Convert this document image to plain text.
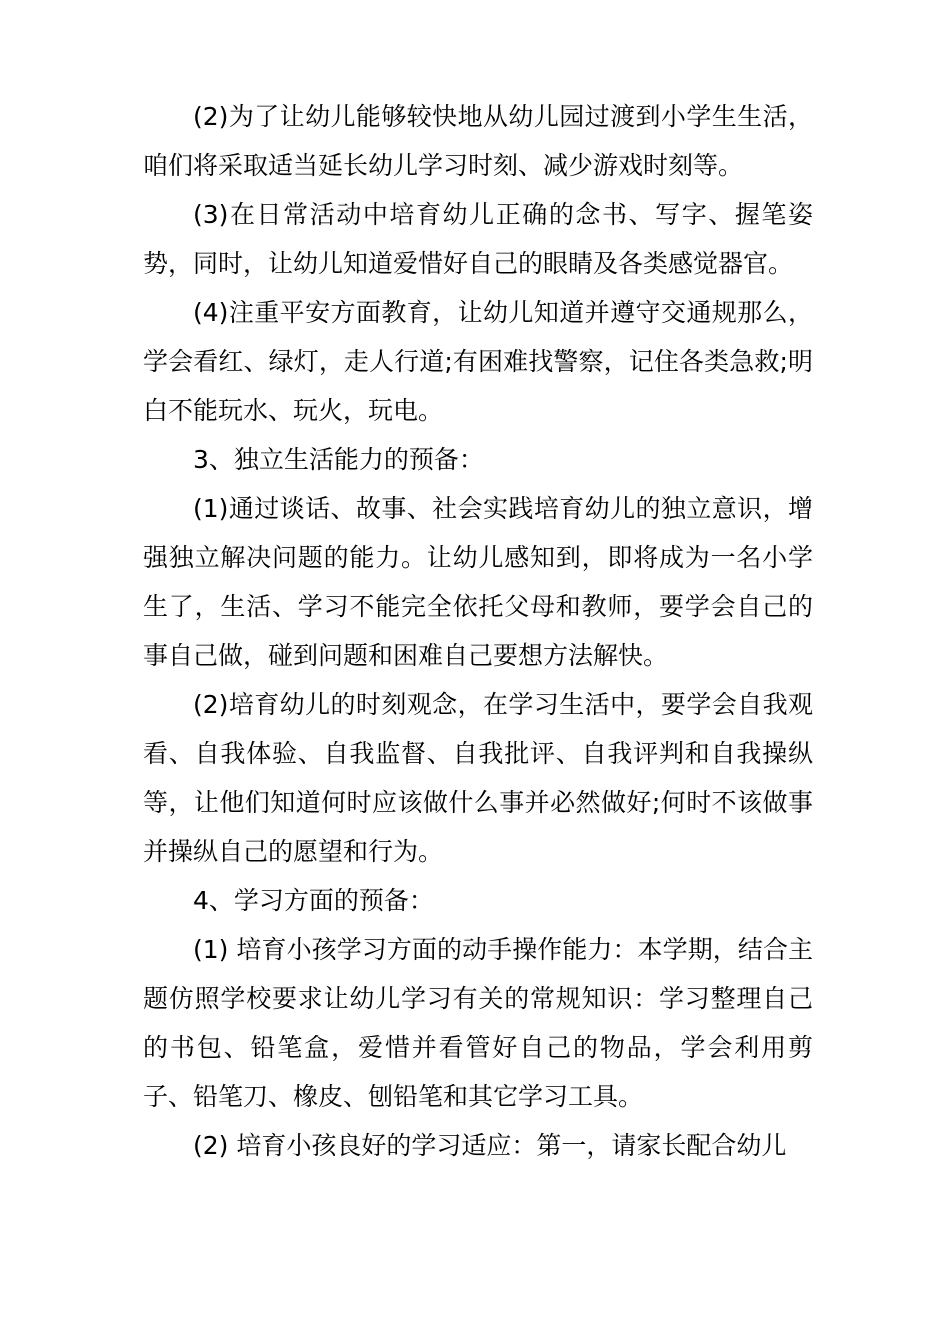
(2)为了让幼儿能够较快地从幼儿园过渡到小学生生活，咱们将采取适当延长幼儿学习时刻、减少游戏时刻等。

(3)在日常活动中培育幼儿正确的念书、写字、握笔姿势，同时，让幼儿知道爱惜好自己的眼睛及各类感觉器官。

(4)注重平安方面教育，让幼儿知道并遵守交通规那么，学会看红、绿灯，走人行道;有困难找警察，记住各类急救;明白不能玩水、玩火，玩电。

3、独立生活能力的预备：

(1)通过谈话、故事、社会实践培育幼儿的独立意识，增强独立解决问题的能力。让幼儿感知到，即将成为一名小学生了，生活、学习不能完全依托父母和教师，要学会自己的事自己做，碰到问题和困难自己要想方法解快。

(2)培育幼儿的时刻观念，在学习生活中，要学会自我观看、自我体验、自我监督、自我批评、自我评判和自我操纵等，让他们知道何时应该做什么事并必然做好;何时不该做事并操纵自己的愿望和行为。

4、学习方面的预备：

(1) 培育小孩学习方面的动手操作能力：本学期，结合主题仿照学校要求让幼儿学习有关的常规知识：学习整理自己的书包、铅笔盒，爱惜并看管好自己的物品，学会利用剪子、铅笔刀、橡皮、刨铅笔和其它学习工具。

(2) 培育小孩良好的学习适应：第一，请家长配合幼儿
